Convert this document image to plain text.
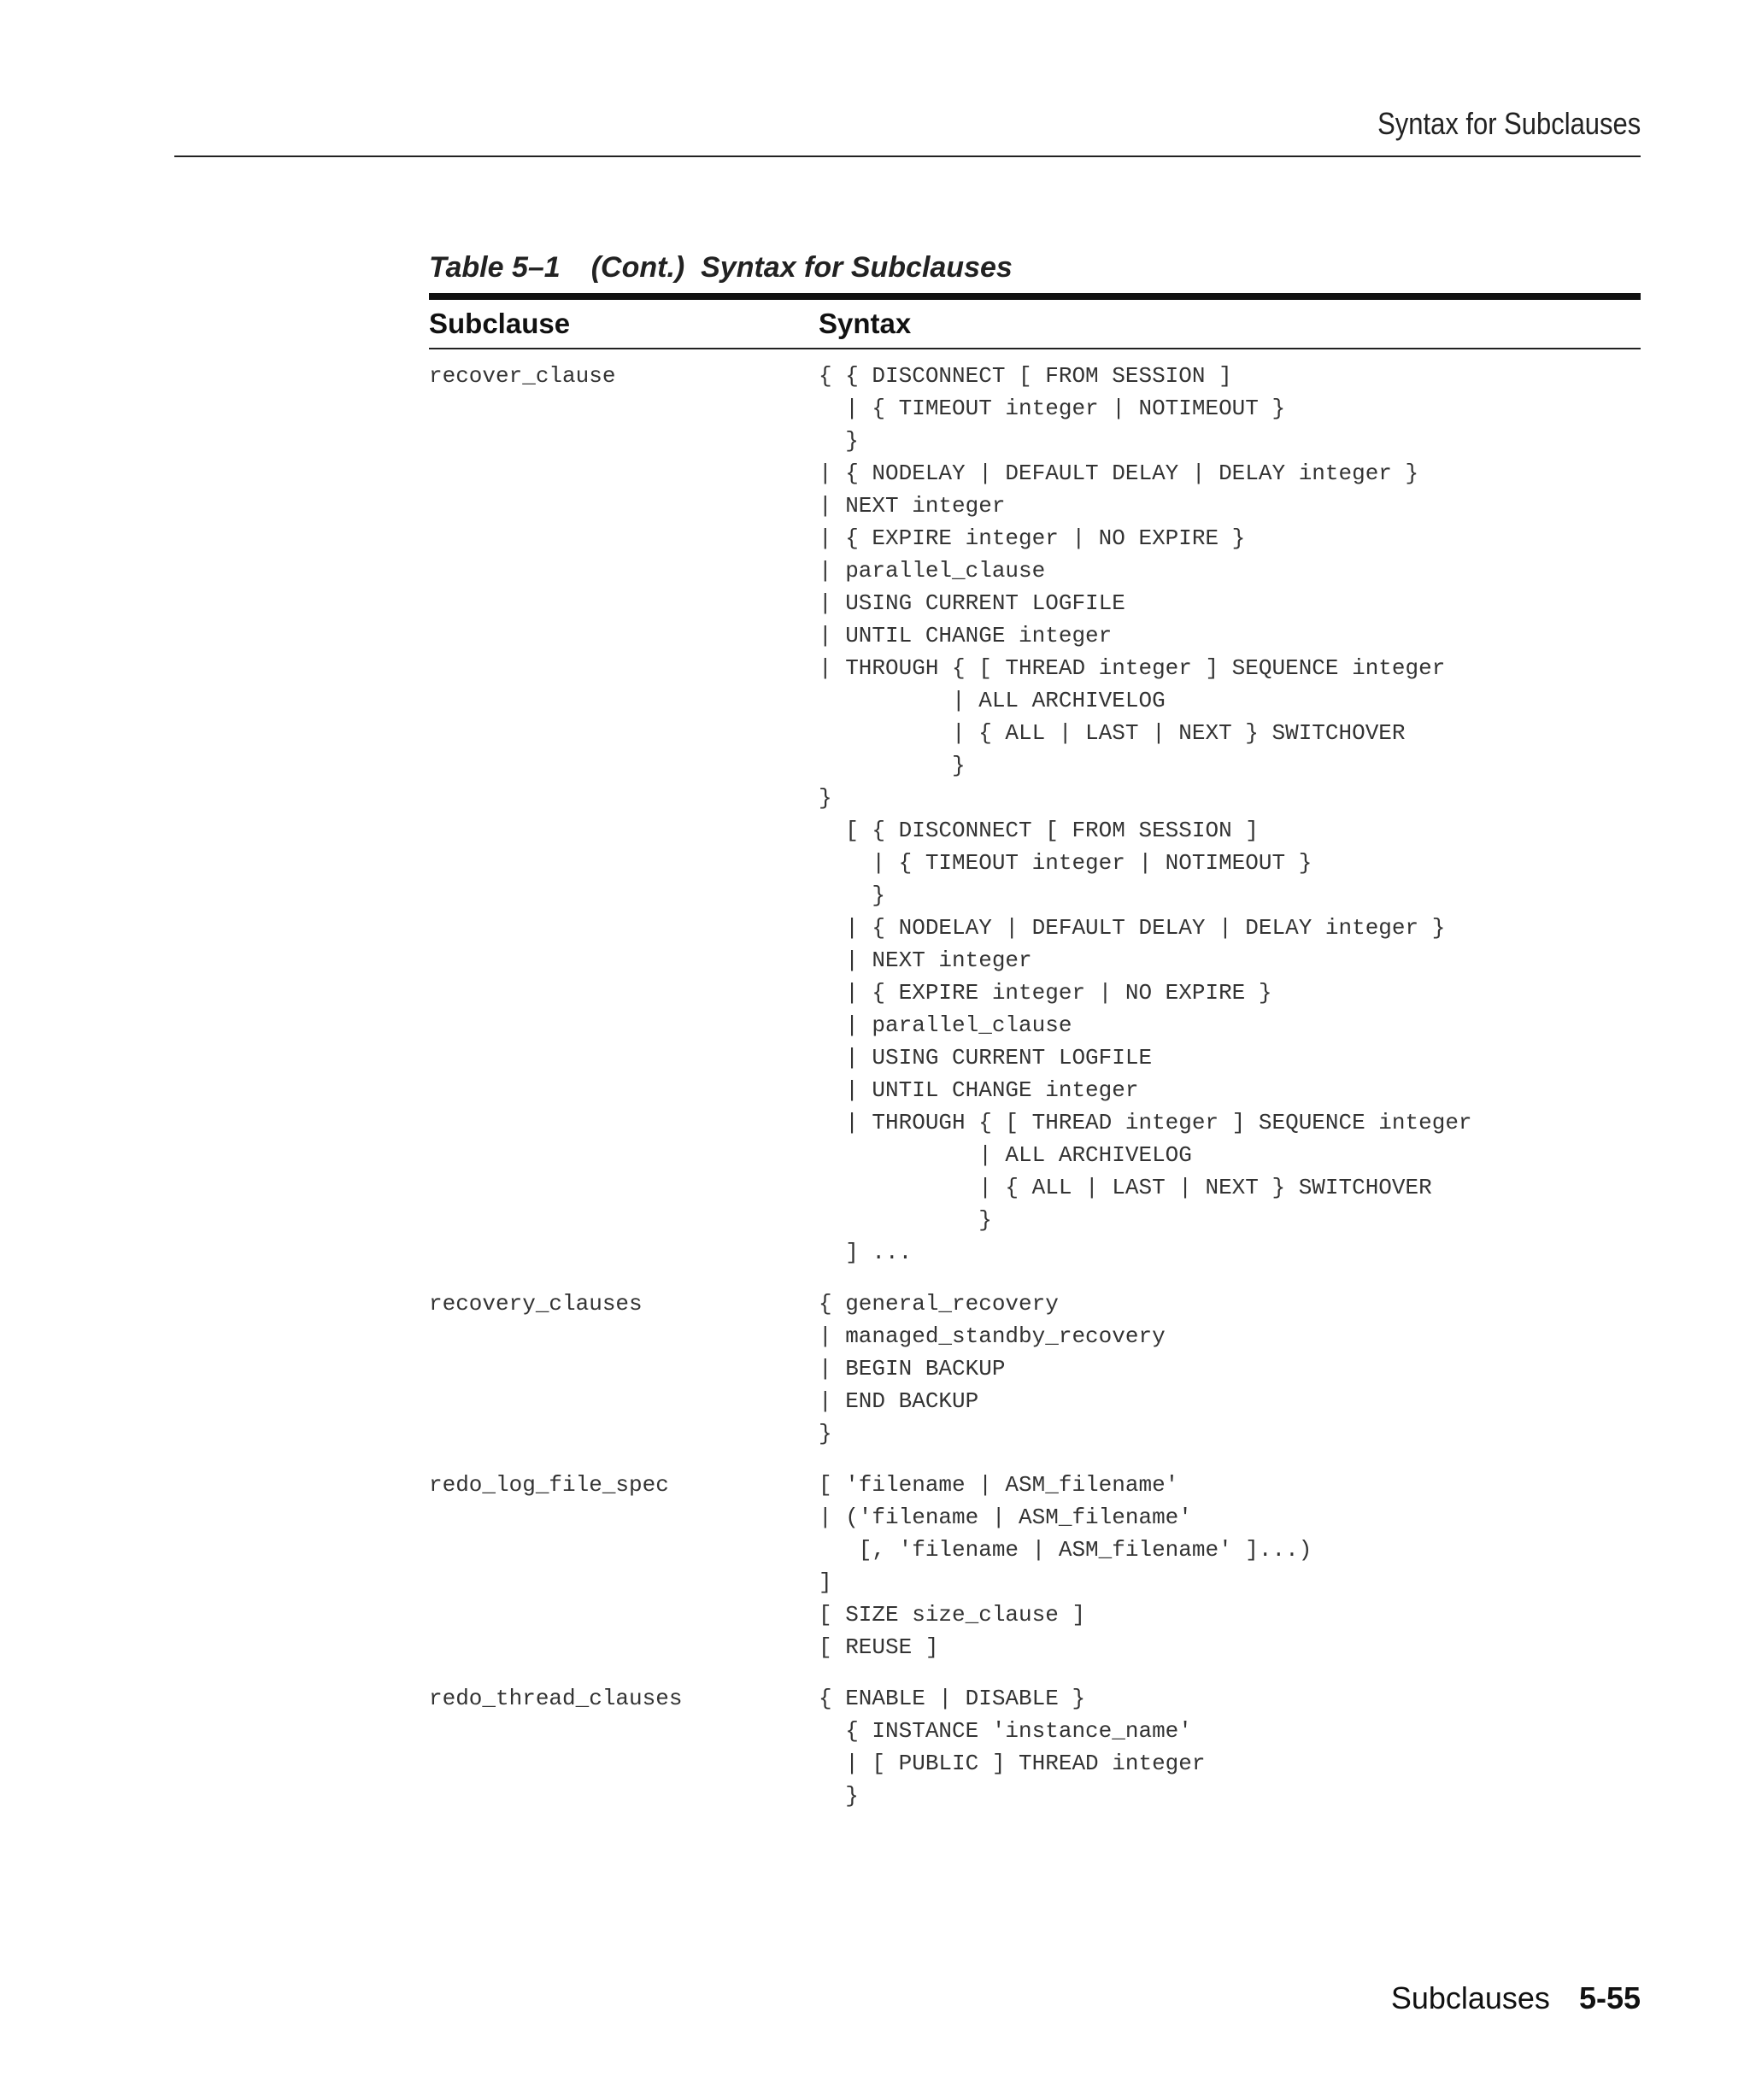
Syntax for Subclauses
Table 5–1 (Cont.)  Syntax for Subclauses
Subclause	Syntax
recover_clause	{ { DISCONNECT [ FROM SESSION ]
| { TIMEOUT integer | NOTIMEOUT }
}
| { NODELAY | DEFAULT DELAY | DELAY integer }
| NEXT integer
| { EXPIRE integer | NO EXPIRE }
| parallel_clause
| USING CURRENT LOGFILE
| UNTIL CHANGE integer
| THROUGH { [ THREAD integer ] SEQUENCE integer
| ALL ARCHIVELOG
| { ALL | LAST | NEXT } SWITCHOVER
}
}
[ { DISCONNECT [ FROM SESSION ]
| { TIMEOUT integer | NOTIMEOUT }
}
| { NODELAY | DEFAULT DELAY | DELAY integer }
| NEXT integer
| { EXPIRE integer | NO EXPIRE }
| parallel_clause
| USING CURRENT LOGFILE
| UNTIL CHANGE integer
| THROUGH { [ THREAD integer ] SEQUENCE integer
| ALL ARCHIVELOG
| { ALL | LAST | NEXT } SWITCHOVER
}
] ...
recovery_clauses	{ general_recovery
| managed_standby_recovery
| BEGIN BACKUP
| END BACKUP
}
redo_log_file_spec	[ 'filename | ASM_filename'
| ('filename | ASM_filename'
[, 'filename | ASM_filename' ]...)
]
[ SIZE size_clause ]
[ REUSE ]
redo_thread_clauses	{ ENABLE | DISABLE }
{ INSTANCE 'instance_name'
| [ PUBLIC ] THREAD integer
}
Subclauses 5-55
